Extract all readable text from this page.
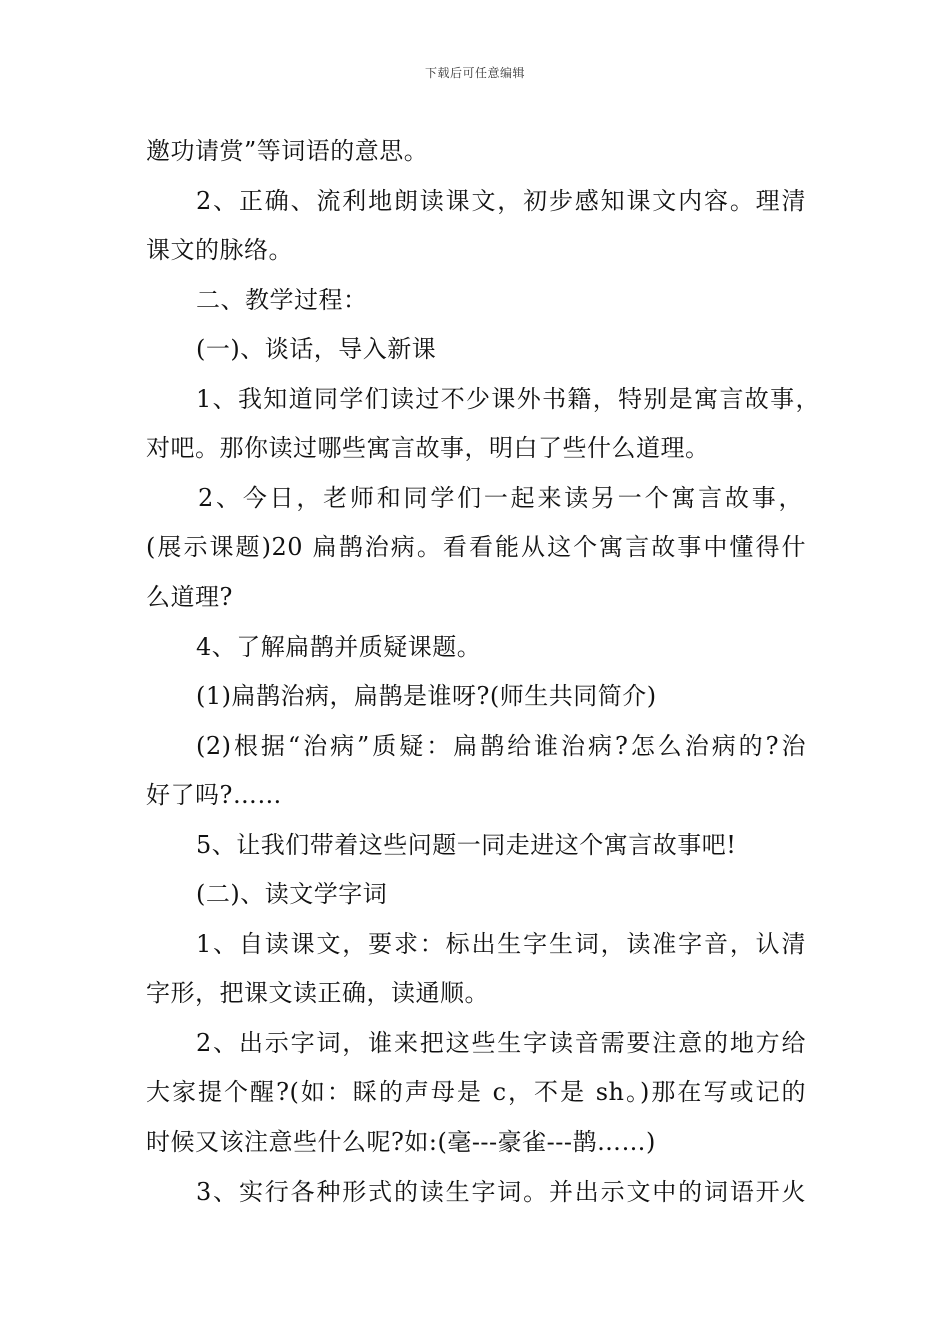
下载后可任意编辑
邀功请赏”等词语的意思。
2、正确、流利地朗读课文，初步感知课文内容。理清
课文的脉络。
二、教学过程：
(一)、谈话，导入新课
1、我知道同学们读过不少课外书籍，特别是寓言故事，
对吧。那你读过哪些寓言故事，明白了些什么道理。
2、今日，老师和同学们一起来读另一个寓言故事，
(展示课题)20 扁鹊治病。看看能从这个寓言故事中懂得什
么道理?
4、了解扁鹊并质疑课题。
(1)扁鹊治病，扁鹊是谁呀?(师生共同简介)
(2)根据“治病”质疑：扁鹊给谁治病?怎么治病的?治
好了吗?……
5、让我们带着这些问题一同走进这个寓言故事吧!
(二)、读文学字词
1、自读课文，要求：标出生字生词，读准字音，认清
字形，把课文读正确，读通顺。
2、出示字词，谁来把这些生字读音需要注意的地方给
大家提个醒?(如：睬的声母是 c，不是 sh。)那在写或记的
时候又该注意些什么呢?如:(毫---豪雀---鹊……)
3、实行各种形式的读生字词。并出示文中的词语开火
